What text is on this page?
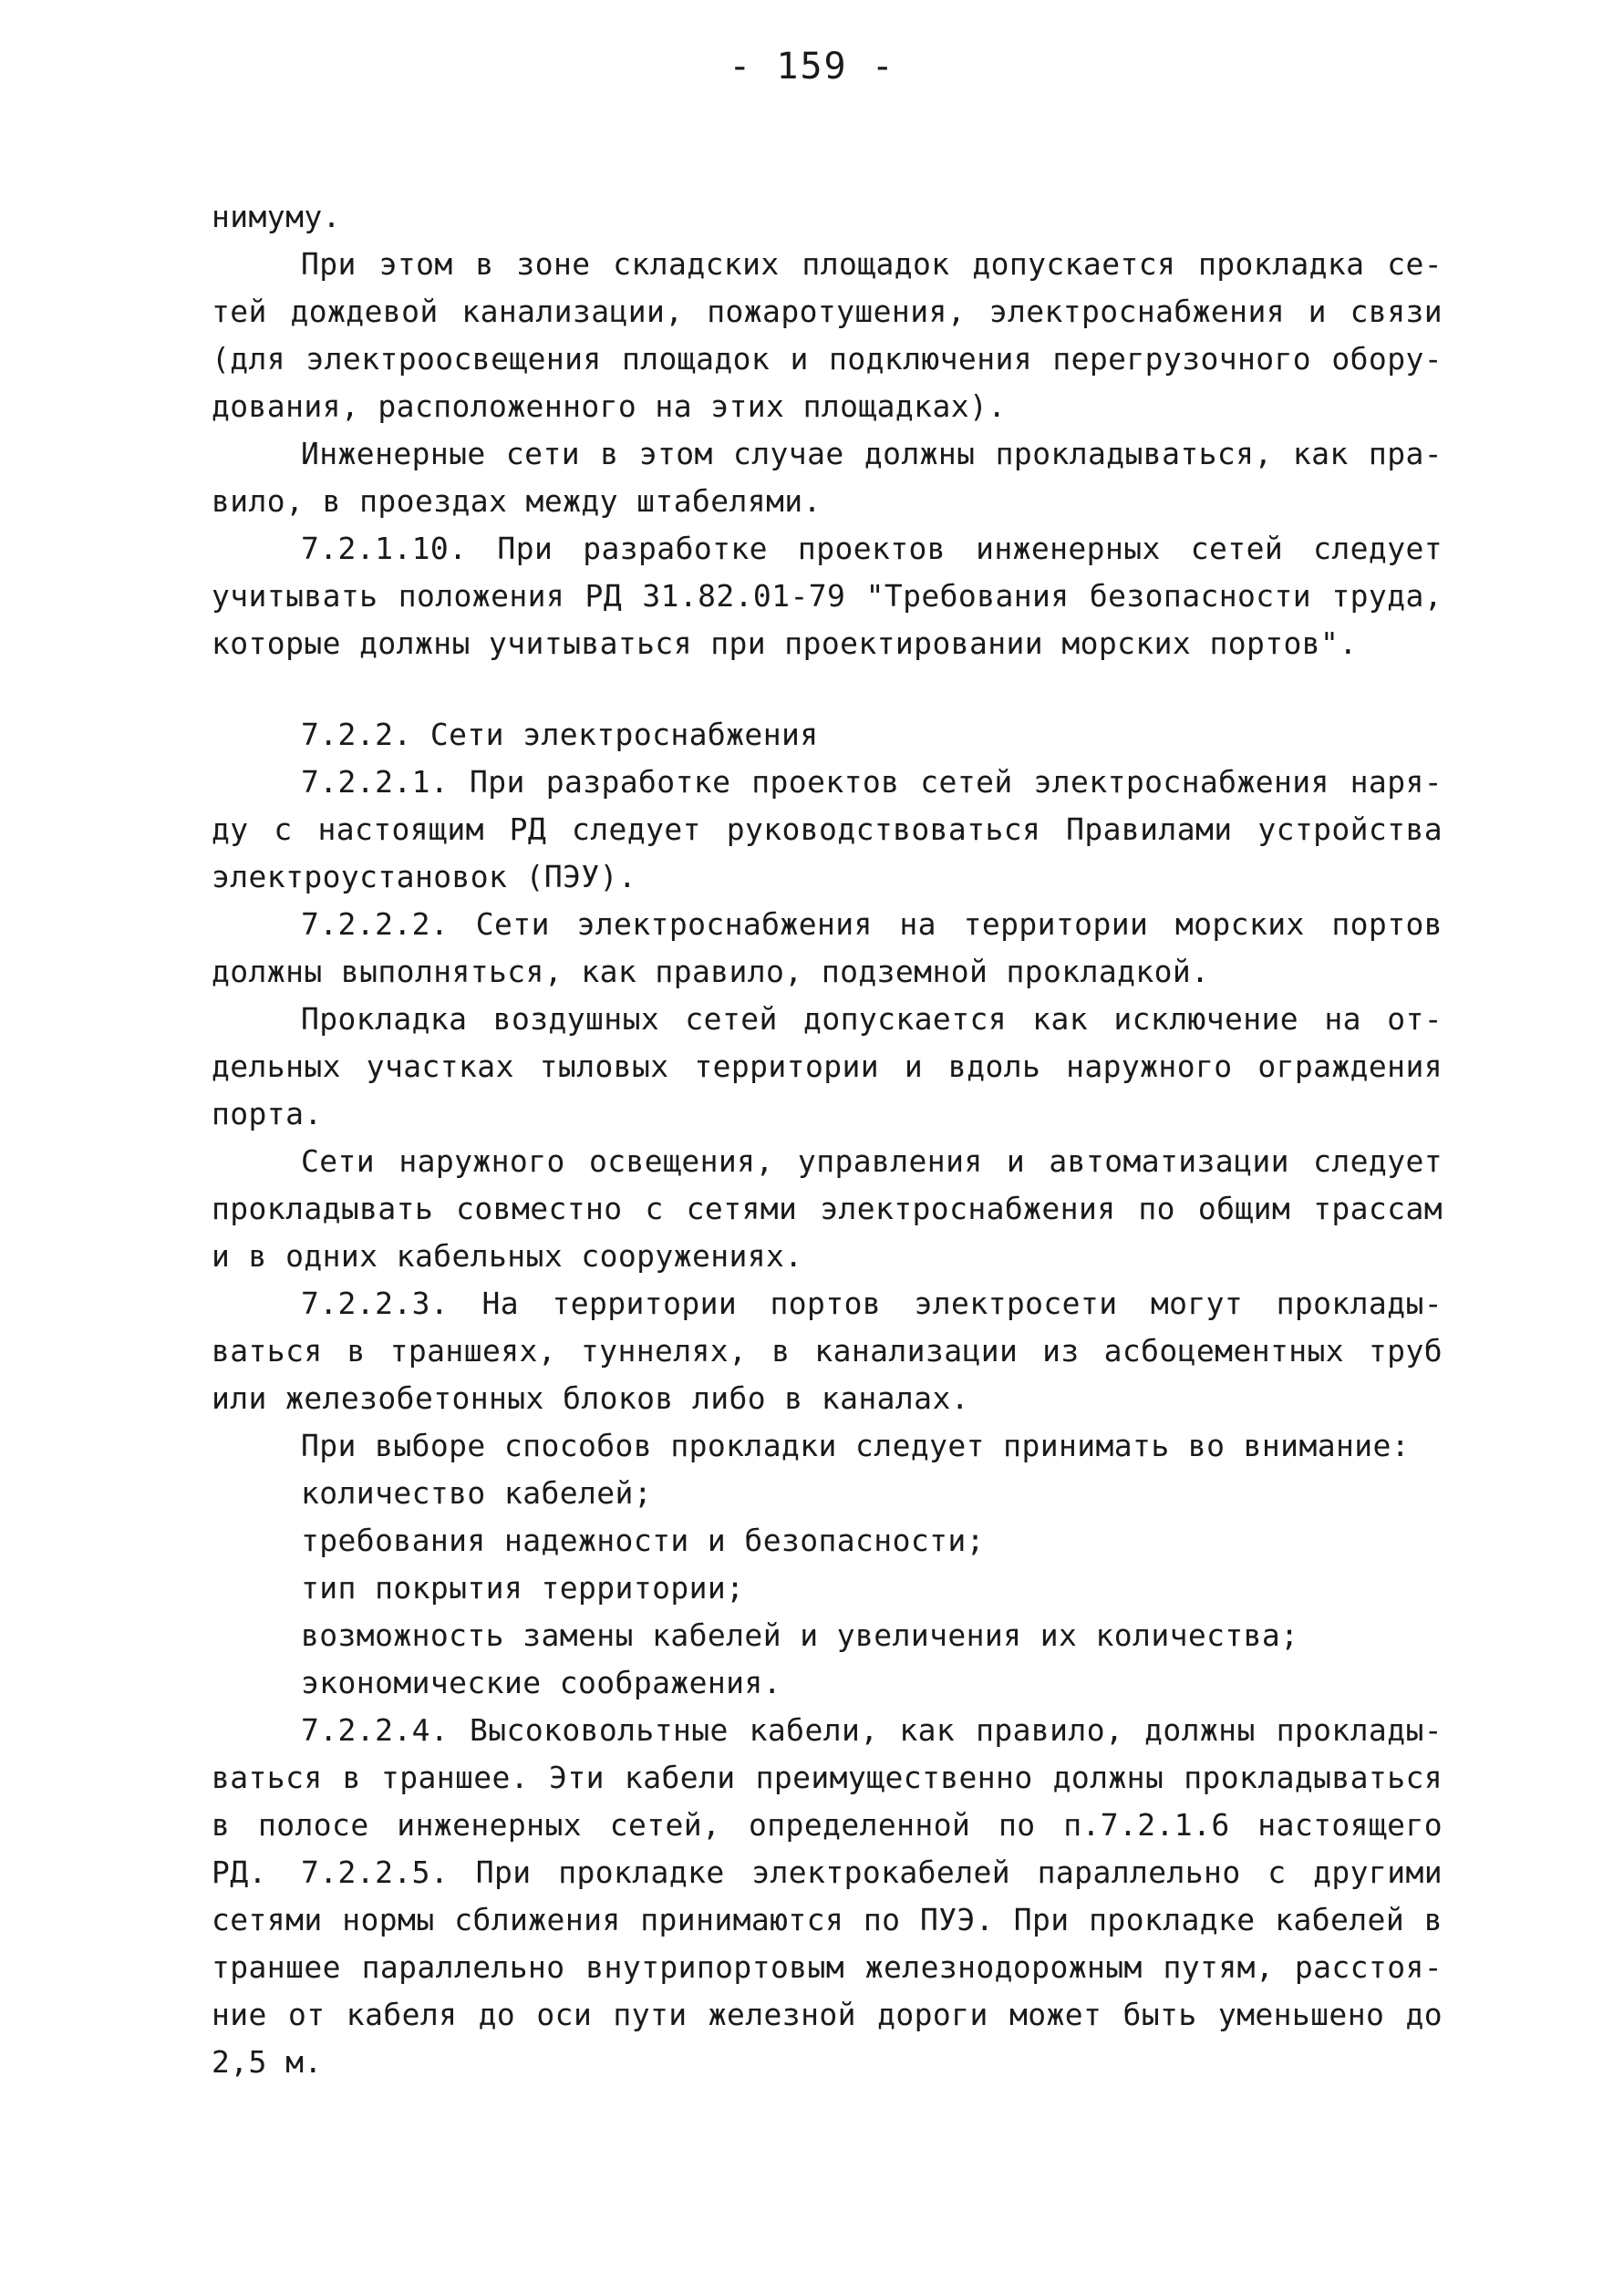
- 159 -
нимуму.
При этом в зоне складских площадок допускается прокладка се-
тей дождевой канализации, пожаротушения, электроснабжения и связи
(для электроосвещения площадок и подключения перегрузочного обору-
дования, расположенного на этих площадках).
Инженерные сети в этом случае должны прокладываться, как пра-
вило, в проездах между штабелями.
7.2.1.10. При разработке проектов инженерных сетей следует
учитывать положения РД 31.82.01-79 "Требования безопасности труда,
которые должны учитываться при проектировании морских портов".
7.2.2. Сети электроснабжения
7.2.2.1. При разработке проектов сетей электроснабжения наря-
ду с настоящим РД следует руководствоваться Правилами устройства
электроустановок (ПЭУ).
7.2.2.2. Сети электроснабжения на территории морских портов
должны выполняться, как правило, подземной прокладкой.
Прокладка воздушных сетей допускается как исключение на от-
дельных участках тыловых территории и вдоль наружного ограждения
порта.
Сети наружного освещения, управления и автоматизации следует
прокладывать совместно с сетями электроснабжения по общим трассам
и в одних кабельных сооружениях.
7.2.2.3. На территории портов электросети могут проклады-
ваться в траншеях, туннелях, в канализации из асбоцементных труб
или железобетонных блоков либо в каналах.
При выборе способов прокладки следует принимать во внимание:
количество кабелей;
требования надежности и безопасности;
тип покрытия территории;
возможность замены кабелей и увеличения их количества;
экономические соображения.
7.2.2.4. Высоковольтные кабели, как правило, должны проклады-
ваться в траншее. Эти кабели преимущественно должны прокладываться
в полосе инженерных сетей, определенной по п.7.2.1.6 настоящего РД.	7.2.2.5. При прокладке электрокабелей параллельно с другими
сетями нормы сближения принимаются по ПУЭ. При прокладке кабелей в
траншее параллельно внутрипортовым железнодорожным путям, расстоя-
ние от кабеля до оси пути железной дороги может быть уменьшено до
2,5 м.
